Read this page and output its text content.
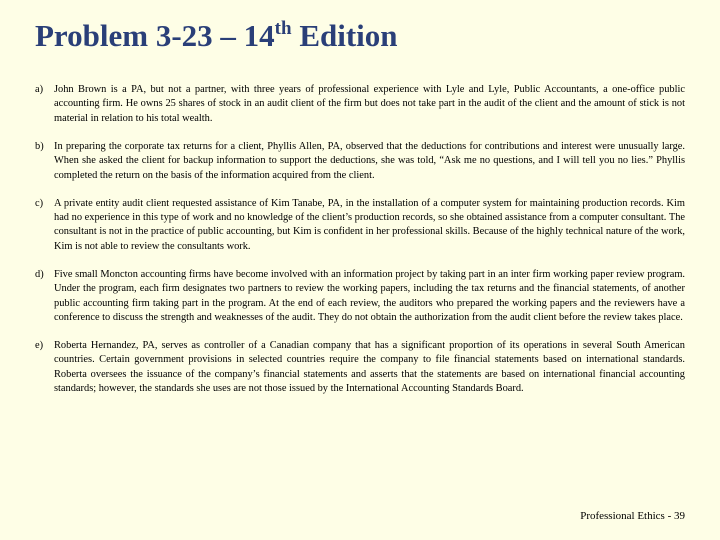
Problem 3-23 – 14th Edition
a)	John Brown is a PA, but not a partner, with three years of professional experience with Lyle and Lyle, Public Accountants, a one-office public accounting firm. He owns 25 shares of stock in an audit client of the firm but does not take part in the audit of the client and the amount of stick is not material in relation to his total wealth.
b) In preparing the corporate tax returns for a client, Phyllis Allen, PA, observed that the deductions for contributions and interest were unusually large. When she asked the client for backup information to support the deductions, she was told, “Ask me no questions, and I will tell you no lies.” Phyllis completed the return on the basis of the information acquired from the client.
c)	A private entity audit client requested assistance of Kim Tanabe, PA, in the installation of a computer system for maintaining production records. Kim had no experience in this type of work and no knowledge of the client’s production records, so she obtained assistance from a computer consultant. The consultant is not in the practice of public accounting, but Kim is confident in her professional skills. Because of the highly technical nature of the work, Kim is not able to review the consultants work.
d) Five small Moncton accounting firms have become involved with an information project by taking part in an inter firm working paper review program. Under the program, each firm designates two partners to review the working papers, including the tax returns and the financial statements, of another public accounting firm taking part in the program. At the end of each review, the auditors who prepared the working papers and the reviewers have a conference to discuss the strength and weaknesses of the audit. They do not obtain the authorization from the audit client before the review takes place.
e)	Roberta Hernandez, PA, serves as controller of a Canadian company that has a significant proportion of its operations in several South American countries. Certain government provisions in selected countries require the company to file financial statements based on international standards. Roberta oversees the issuance of the company’s financial statements and asserts that the statements are based on international financial accounting standards; however, the standards she uses are not those issued by the International Accounting Standards Board.
Professional Ethics - 39
